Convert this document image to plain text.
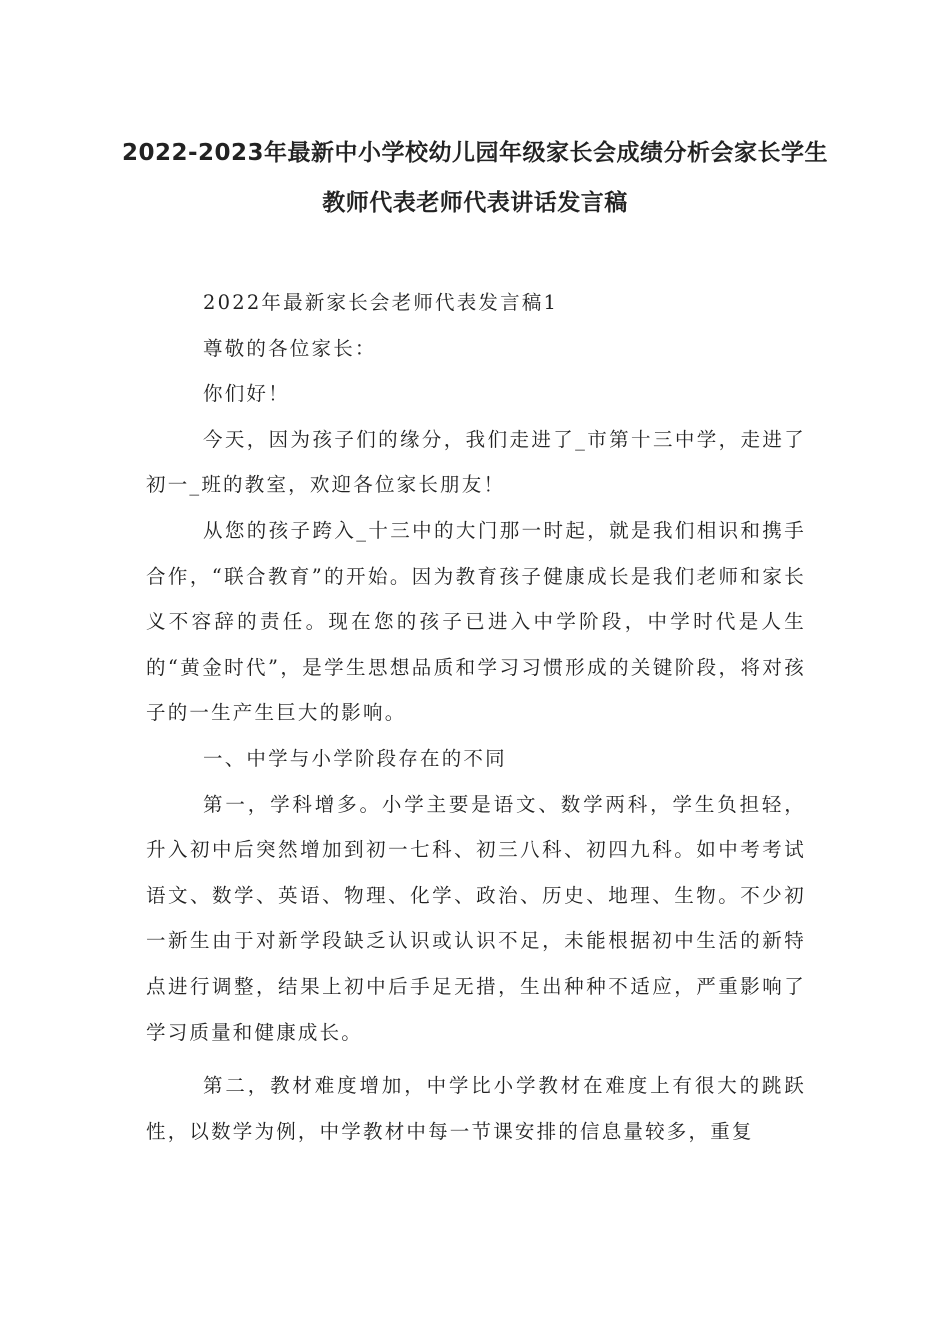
2022-2023年最新中小学校幼儿园年级家长会成绩分析会家长学生
教师代表老师代表讲话发言稿

2022年最新家长会老师代表发言稿1

尊敬的各位家长：

你们好！

今天，因为孩子们的缘分，我们走进了_市第十三中学，走进了初一_班的教室，欢迎各位家长朋友！

从您的孩子跨入_十三中的大门那一时起，就是我们相识和携手合作，“联合教育”的开始。因为教育孩子健康成长是我们老师和家长义不容辞的责任。现在您的孩子已进入中学阶段，中学时代是人生的“黄金时代”，是学生思想品质和学习习惯形成的关键阶段，将对孩子的一生产生巨大的影响。

一、中学与小学阶段存在的不同

第一，学科增多。小学主要是语文、数学两科，学生负担轻，升入初中后突然增加到初一七科、初三八科、初四九科。如中考考试语文、数学、英语、物理、化学、政治、历史、地理、生物。不少初一新生由于对新学段缺乏认识或认识不足，未能根据初中生活的新特点进行调整，结果上初中后手足无措，生出种种不适应，严重影响了学习质量和健康成长。

第二，教材难度增加，中学比小学教材在难度上有很大的跳跃性，以数学为例，中学教材中每一节课安排的信息量较多，重复
